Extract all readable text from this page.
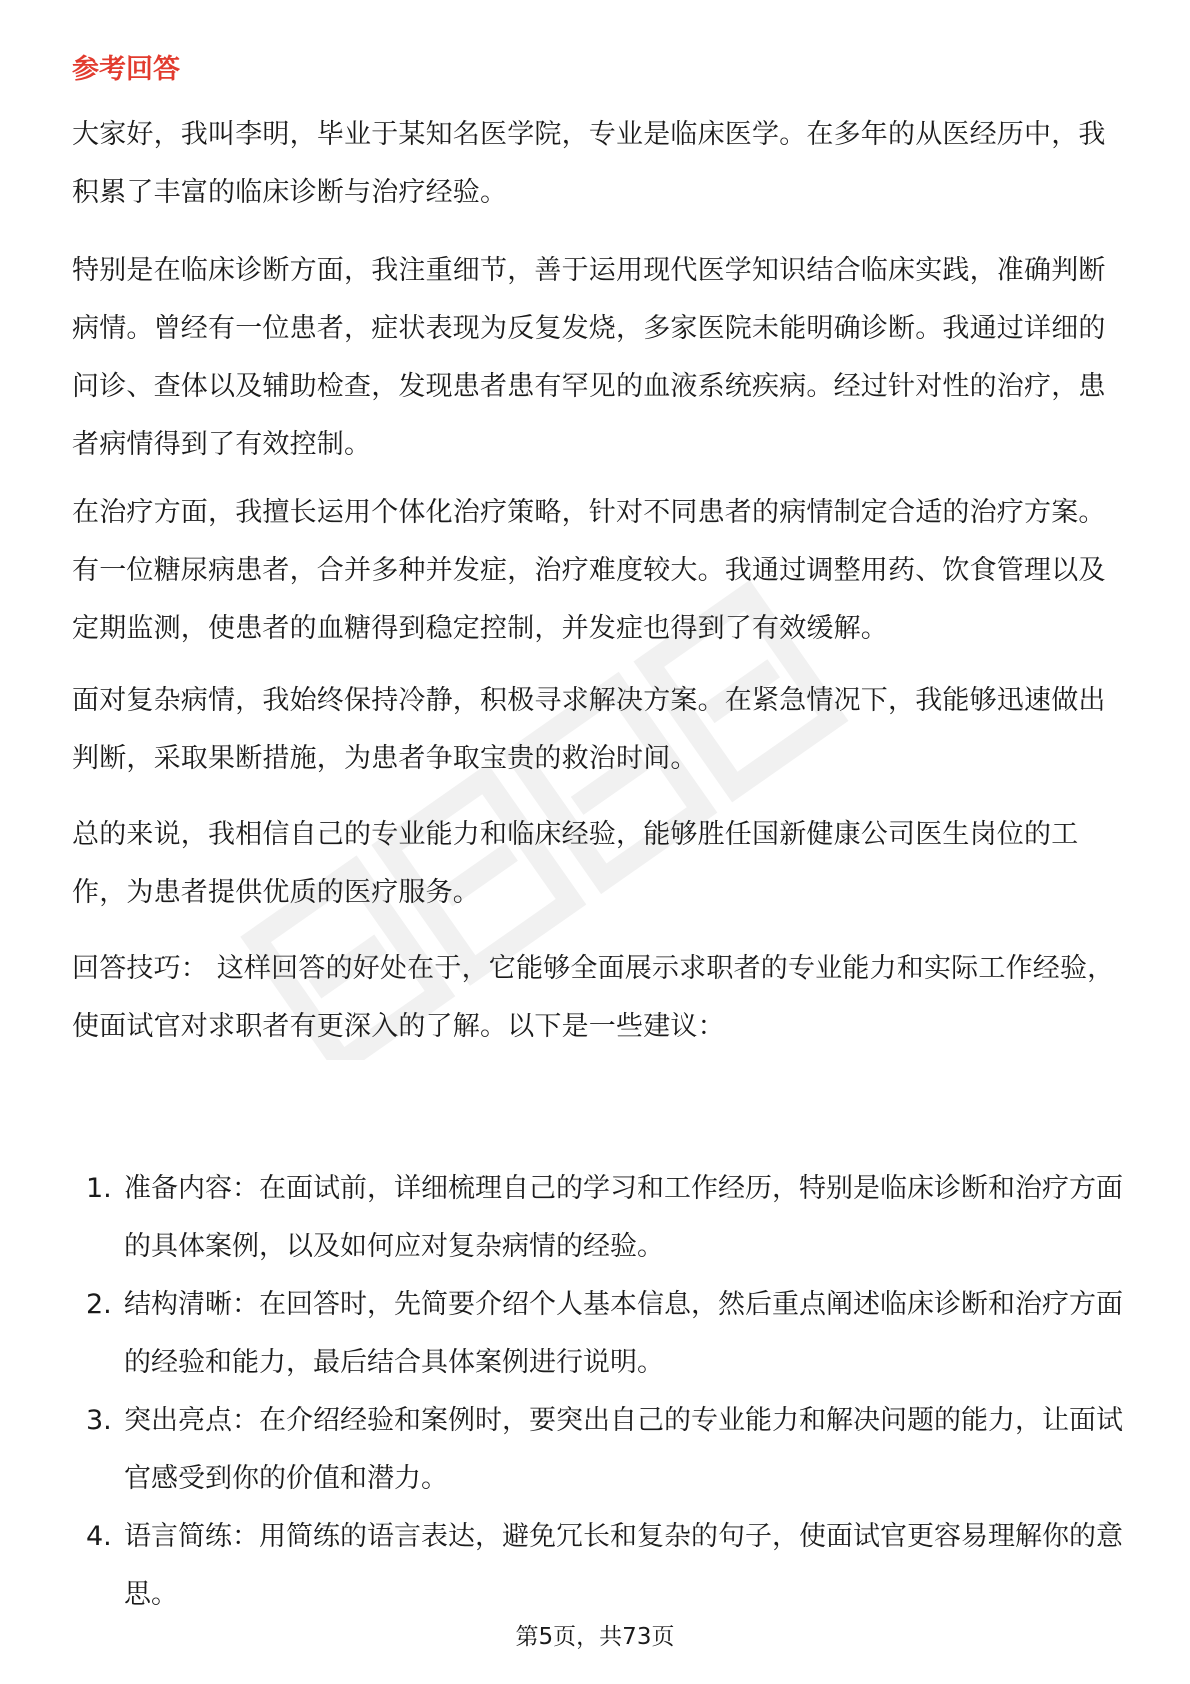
参考回答

大家好，我叫李明，毕业于某知名医学院，专业是临床医学。在多年的从医经历中，我积累了丰富的临床诊断与治疗经验。

特别是在临床诊断方面，我注重细节，善于运用现代医学知识结合临床实践，准确判断病情。曾经有一位患者，症状表现为反复发烧，多家医院未能明确诊断。我通过详细的问诊、查体以及辅助检查，发现患者患有罕见的血液系统疾病。经过针对性的治疗，患者病情得到了有效控制。

在治疗方面，我擅长运用个体化治疗策略，针对不同患者的病情制定合适的治疗方案。有一位糖尿病患者，合并多种并发症，治疗难度较大。我通过调整用药、饮食管理以及定期监测，使患者的血糖得到稳定控制，并发症也得到了有效缓解。

面对复杂病情，我始终保持冷静，积极寻求解决方案。在紧急情况下，我能够迅速做出判断，采取果断措施，为患者争取宝贵的救治时间。

总的来说，我相信自己的专业能力和临床经验，能够胜任国新健康公司医生岗位的工作，为患者提供优质的医疗服务。

回答技巧： 这样回答的好处在于，它能够全面展示求职者的专业能力和实际工作经验，使面试官对求职者有更深入的了解。以下是一些建议：

1. 准备内容：在面试前，详细梳理自己的学习和工作经历，特别是临床诊断和治疗方面的具体案例，以及如何应对复杂病情的经验。
2. 结构清晰：在回答时，先简要介绍个人基本信息，然后重点阐述临床诊断和治疗方面的经验和能力，最后结合具体案例进行说明。
3. 突出亮点：在介绍经验和案例时，要突出自己的专业能力和解决问题的能力，让面试官感受到你的价值和潜力。
4. 语言简练：用简练的语言表达，避免冗长和复杂的句子，使面试官更容易理解你的意思。
第5页，共73页
